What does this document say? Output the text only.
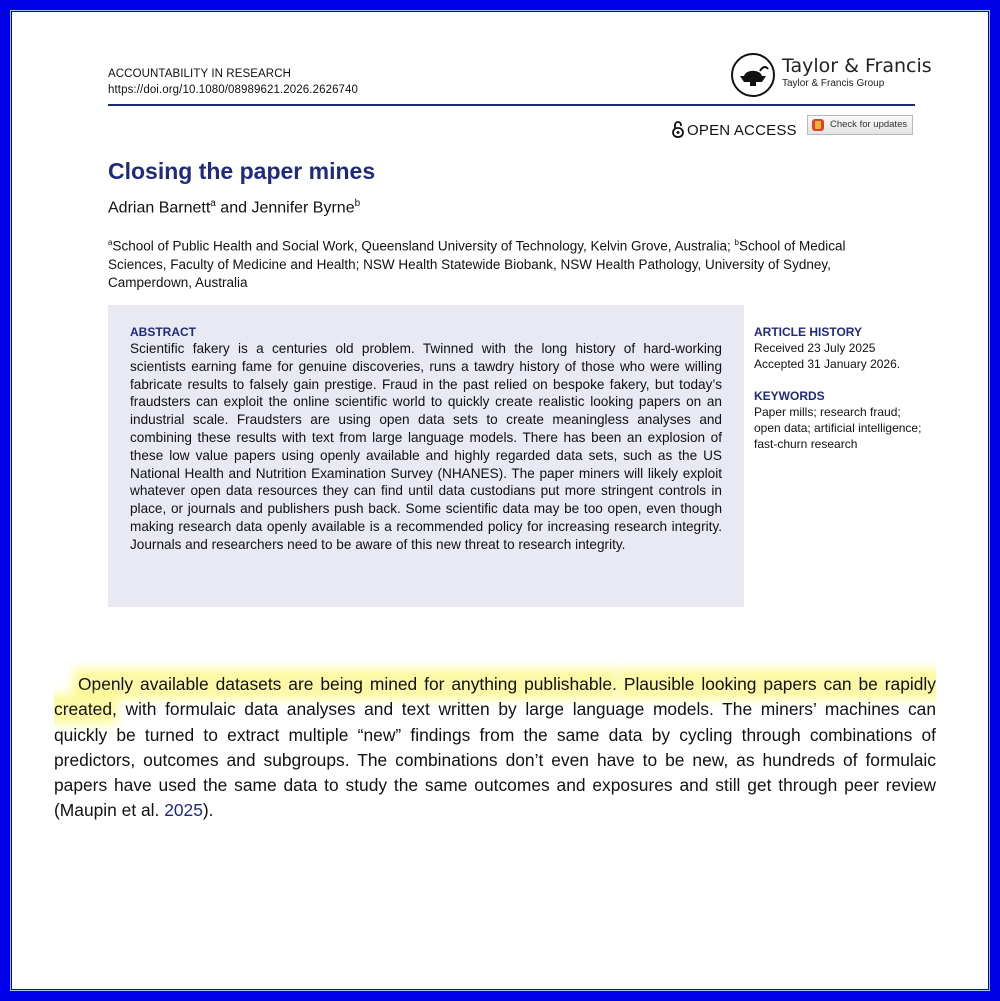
ACCOUNTABILITY IN RESEARCH
https://doi.org/10.1080/08989621.2026.2626740
Taylor & Francis
Taylor & Francis Group
OPEN ACCESS	Check for updates
Closing the paper mines
Adrian Barnett$^a$ and Jennifer Byrne$^b$
$^a$School of Public Health and Social Work, Queensland University of Technology, Kelvin Grove, Australia; $^b$School of Medical Sciences, Faculty of Medicine and Health; NSW Health Statewide Biobank, NSW Health Pathology, University of Sydney, Camperdown, Australia
ABSTRACT
Scientific fakery is a centuries old problem. Twinned with the long history of hard-working scientists earning fame for genuine discoveries, runs a tawdry history of those who were willing fabricate results to falsely gain prestige. Fraud in the past relied on bespoke fakery, but today’s fraudsters can exploit the online scientific world to quickly create realistic looking papers on an industrial scale. Fraudsters are using open data sets to create meaningless analyses and combining these results with text from large language models. There has been an explosion of these low value papers using openly available and highly regarded data sets, such as the US National Health and Nutrition Examination Survey (NHANES). The paper miners will likely exploit whatever open data resources they can find until data custodians put more stringent controls in place, or journals and publishers push back. Some scientific data may be too open, even though making research data openly available is a recommended policy for increasing research integrity. Journals and researchers need to be aware of this new threat to research integrity.
ARTICLE HISTORY
Received 23 July 2025
Accepted 31 January 2026.
KEYWORDS
Paper mills; research fraud; open data; artificial intelligence; fast-churn research
Openly available datasets are being mined for anything publishable. Plausible looking papers can be rapidly created, with formulaic data analyses and text written by large language models. The miners’ machines can quickly be turned to extract multiple “new” findings from the same data by cycling through combinations of predictors, outcomes and subgroups. The combinations don’t even have to be new, as hundreds of formulaic papers have used the same data to study the same outcomes and exposures and still get through peer review (Maupin et al. 2025).
